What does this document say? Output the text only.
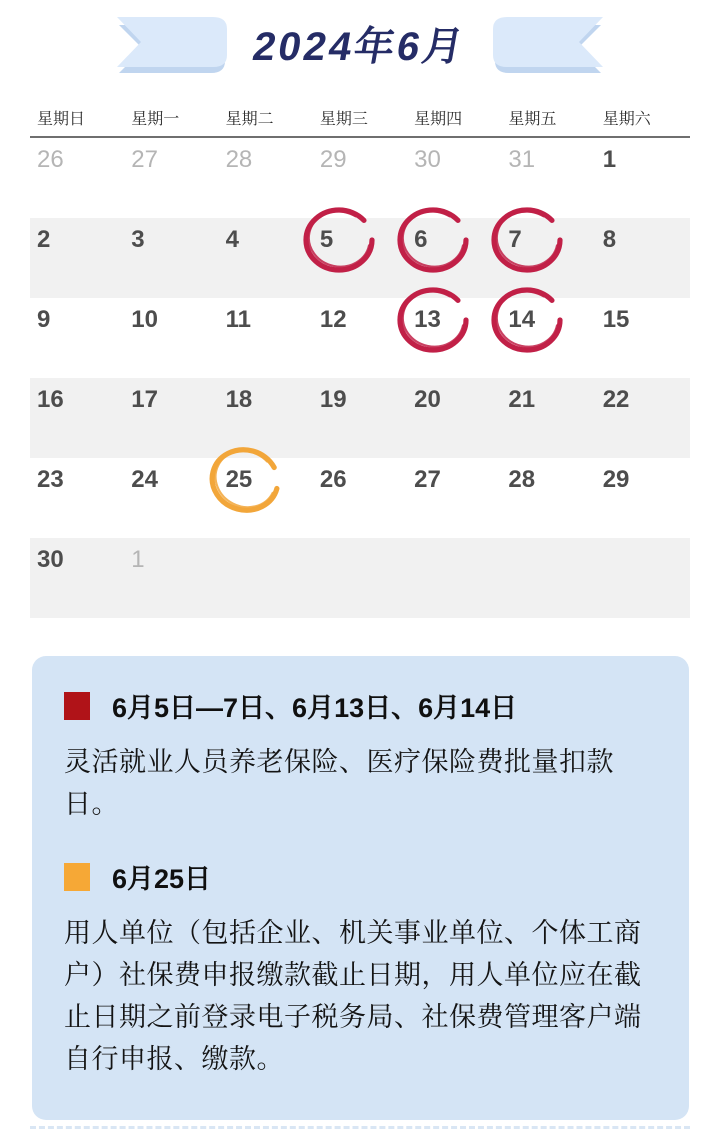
2024年6月
星期日	星期一	星期二	星期三	星期四	星期五	星期六
26	27	28	29	30	31	1
2	3	4	5	6	7	8
9	10	11	12	13	14	15
16	17	18	19	20	21	22
23	24	25	26	27	28	29
30	1
6月5日—7日、6月13日、6月14日
灵活就业人员养老保险、医疗保险费批量扣款日。
6月25日
用人单位（包括企业、机关事业单位、个体工商户）社保费申报缴款截止日期，用人单位应在截止日期之前登录电子税务局、社保费管理客户端自行申报、缴款。
